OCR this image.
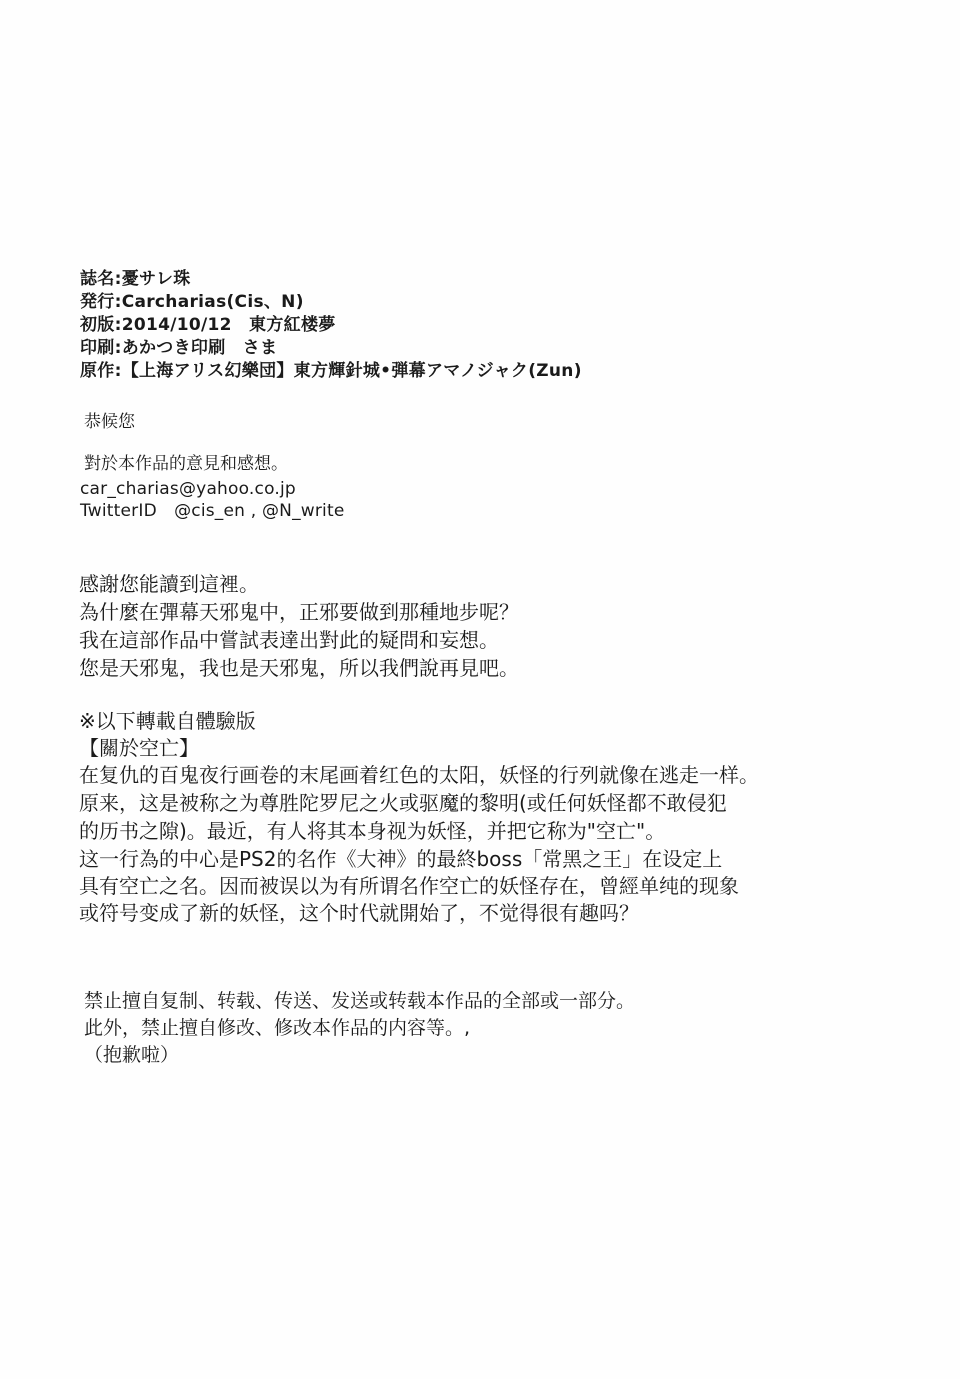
誌名:憂サレ珠
発行:Carcharias(Cis、N)
初版:2014/10/12　東方紅楼夢
印刷:あかつき印刷　さま
原作:【上海アリス幻樂団】東方輝針城•弾幕アマノジャク(Zun)
恭候您
對於本作品的意見和感想。
car_charias@yahoo.co.jp
TwitterID　@cis_en , @N_write
感謝您能讀到這裡。
為什麼在彈幕天邪鬼中，正邪要做到那種地步呢？
我在這部作品中嘗試表達出對此的疑問和妄想。
您是天邪鬼，我也是天邪鬼，所以我們說再見吧。
※以下轉載自體驗版
【關於空亡】
在复仇的百鬼夜行画卷的末尾画着红色的太阳，妖怪的行列就像在逃走一样。
原来，这是被称之为尊胜陀罗尼之火或驱魔的黎明(或任何妖怪都不敢侵犯
的历书之隙)。最近，有人将其本身视为妖怪，并把它称为"空亡"。
这一行為的中心是PS2的名作《大神》的最終boss「常黑之王」在设定上
具有空亡之名。因而被误以为有所谓名作空亡的妖怪存在，曾經单纯的现象
或符号变成了新的妖怪，这个时代就開始了，不觉得很有趣吗？
禁止擅自复制、转载、传送、发送或转载本作品的全部或一部分。
此外，禁止擅自修改、修改本作品的内容等。,
（抱歉啦）
